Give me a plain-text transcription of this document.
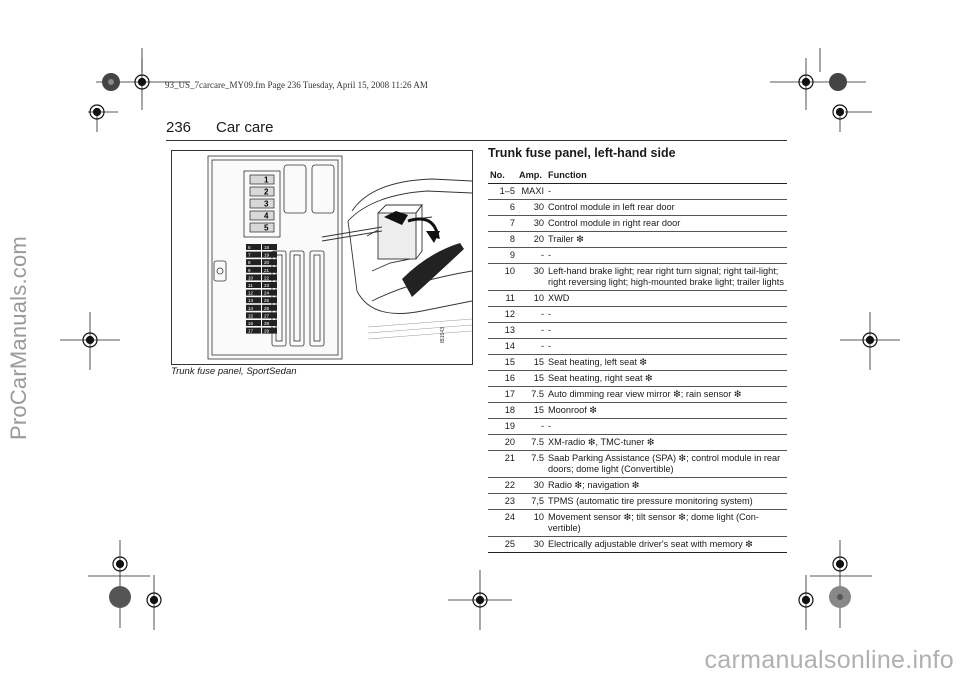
93_US_7carcare_MY09.fm Page 236 Tuesday, April 15, 2008 11:26 AM
ProCarManuals.com
carmanualsonline.info
236 Car care
1
2
3
4
5
6
7
8
9
10
11
12
13
14
15
16
17
18
19
20
21
22
23
24
25
26
27
28
29	IB1543
Trunk fuse panel, SportSedan
Trunk fuse panel, left-hand side
No.	Amp.	Function
1–5	MAXI	-
6	30	Control module in left rear door
7	30	Control module in right rear door
8	20	Trailer ❇
9	-	-
10	30	Left-hand brake light; rear right turn signal; right tail-light; right reversing light; high-mounted brake light; trailer lights
11	10	XWD
12	-	-
13	-	-
14	-	-
15	15	Seat heating, left seat ❇
16	15	Seat heating, right seat ❇
17	7.5	Auto dimming rear view mirror ❇; rain sensor ❇
18	15	Moonroof ❇
19	-	-
20	7.5	XM-radio ❇, TMC-tuner ❇
21	7.5	Saab Parking Assistance (SPA) ❇; control module in rear doors; dome light (Convertible)
22	30	Radio ❇; navigation ❇
23	7,5	TPMS (automatic tire pressure monitoring system)
24	10	Movement sensor ❇; tilt sensor ❇; dome light (Con-vertible)
25	30	Electrically adjustable driver's seat with memory ❇
